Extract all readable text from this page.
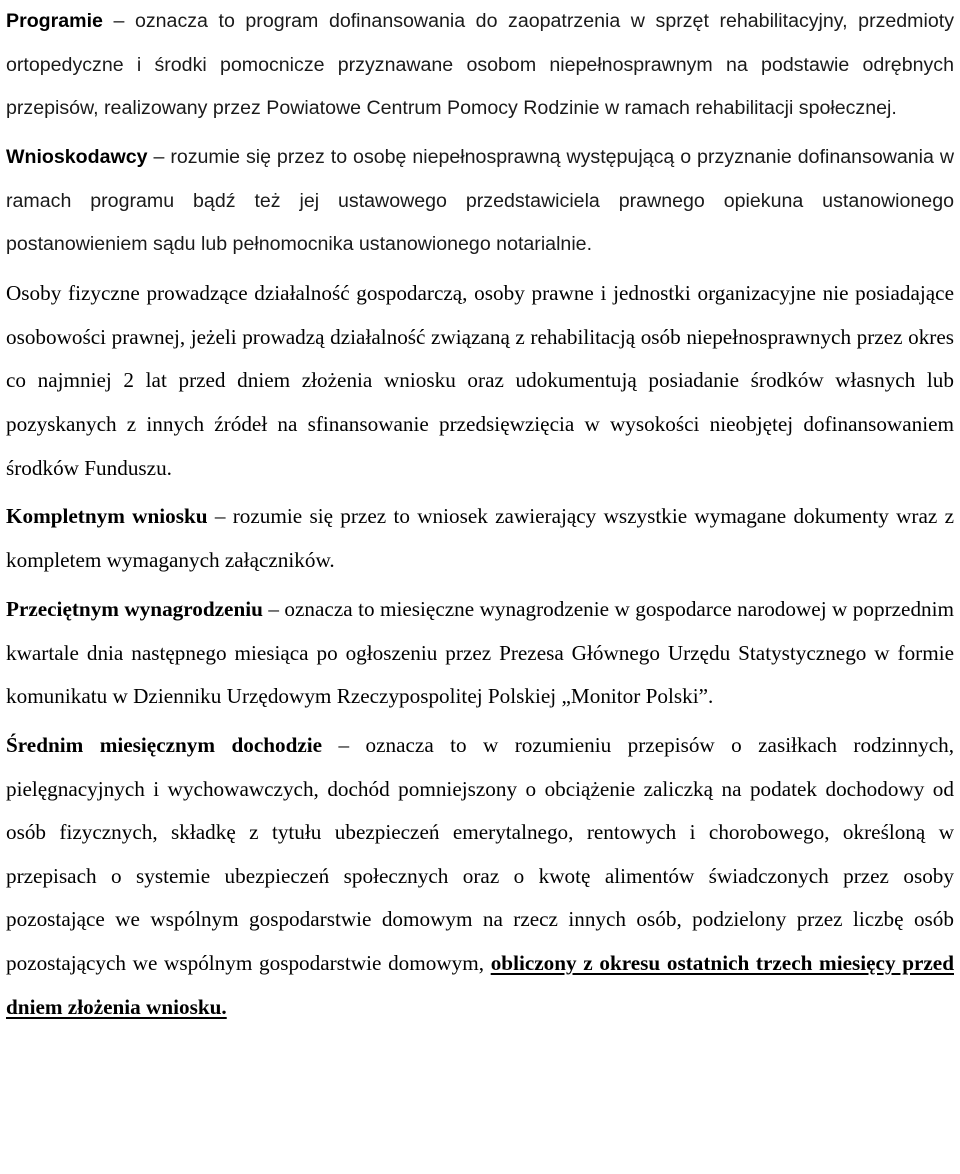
Programie – oznacza to program dofinansowania do zaopatrzenia w sprzęt rehabilitacyjny, przedmioty ortopedyczne i środki pomocnicze przyznawane osobom niepełnosprawnym na podstawie odrębnych przepisów, realizowany przez Powiatowe Centrum Pomocy Rodzinie w ramach rehabilitacji społecznej.

Wnioskodawcy – rozumie się przez to osobę niepełnosprawną występującą o przyznanie dofinansowania w ramach programu bądź też jej ustawowego przedstawiciela prawnego opiekuna ustanowionego postanowieniem sądu lub pełnomocnika ustanowionego notarialnie.

Osoby fizyczne prowadzące działalność gospodarczą, osoby prawne i jednostki organizacyjne nie posiadające osobowości prawnej, jeżeli prowadzą działalność związaną z rehabilitacją osób niepełnosprawnych przez okres co najmniej 2 lat przed dniem złożenia wniosku oraz udokumentują posiadanie środków własnych lub pozyskanych z innych źródeł na sfinansowanie przedsięwzięcia w wysokości nieobjętej dofinansowaniem środków Funduszu.

Kompletnym wniosku – rozumie się przez to wniosek zawierający wszystkie wymagane dokumenty wraz z kompletem wymaganych załączników.

Przeciętnym wynagrodzeniu – oznacza to miesięczne wynagrodzenie w gospodarce narodowej w poprzednim kwartale dnia następnego miesiąca po ogłoszeniu przez Prezesa Głównego Urzędu Statystycznego w formie komunikatu w Dzienniku Urzędowym Rzeczypospolitej Polskiej „Monitor Polski”.

Średnim miesięcznym dochodzie – oznacza to w rozumieniu przepisów o zasiłkach rodzinnych, pielęgnacyjnych i wychowawczych, dochód pomniejszony o obciążenie zaliczką na podatek dochodowy od osób fizycznych, składkę z tytułu ubezpieczeń emerytalnego, rentowych i chorobowego, określoną w przepisach o systemie ubezpieczeń społecznych oraz o kwotę alimentów świadczonych przez osoby pozostające we wspólnym gospodarstwie domowym na rzecz innych osób, podzielony przez liczbę osób pozostających we wspólnym gospodarstwie domowym, obliczony z okresu ostatnich trzech miesięcy przed dniem złożenia wniosku.
